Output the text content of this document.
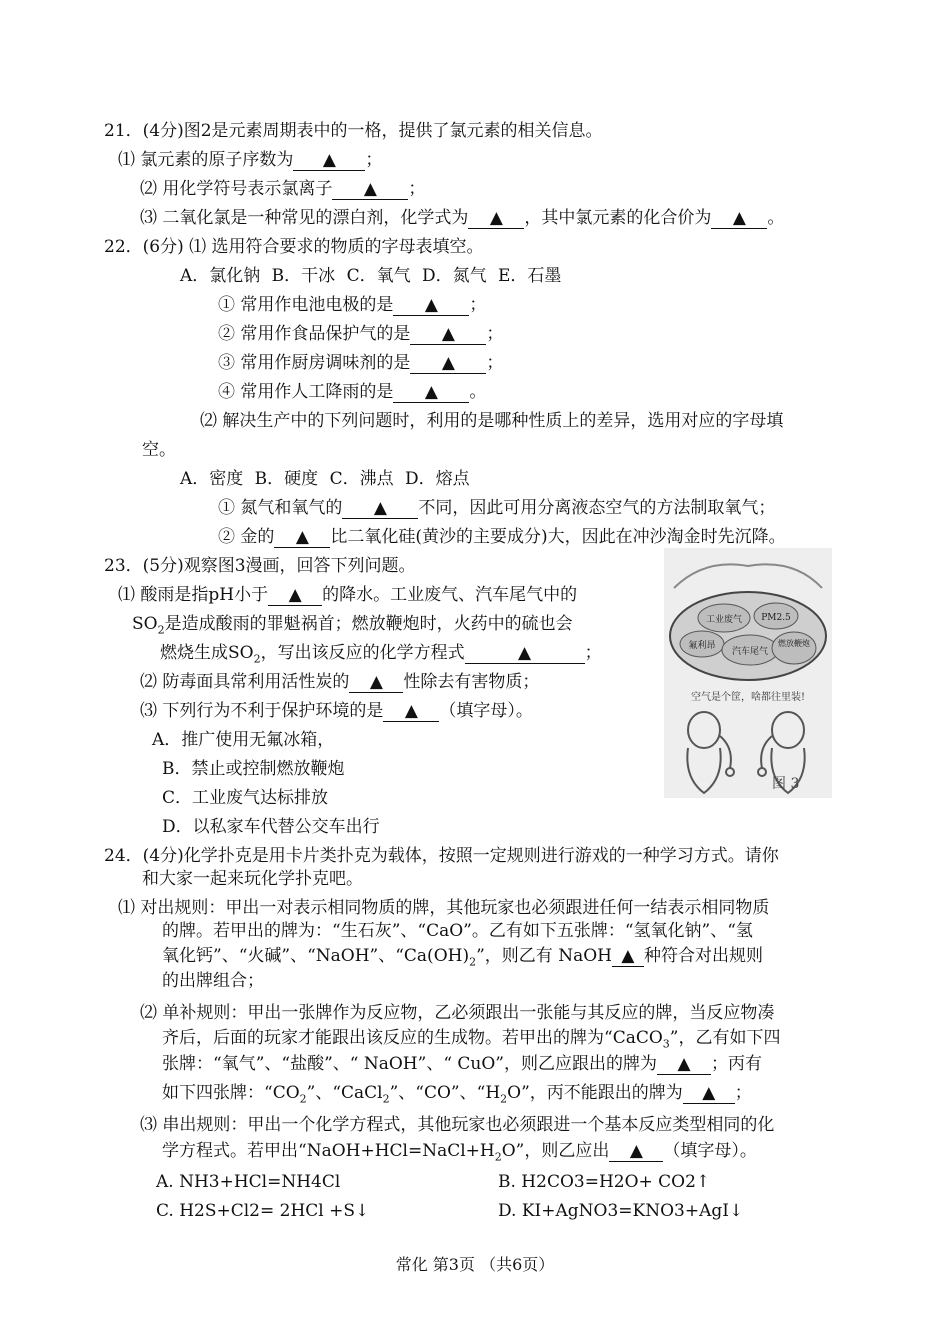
21．(4分)图2是元素周期表中的一格，提供了氯元素的相关信息。
⑴ 氯元素的原子序数为 ▲ ；
⑵ 用化学符号表示氯离子 ▲ ；
⑶ 二氧化氯是一种常见的漂白剂，化学式为 ▲ ，其中氯元素的化合价为 ▲ 。
22．(6分) ⑴ 选用符合要求的物质的字母表填空。
A．氯化钠 B．干冰 C．氧气 D．氮气 E．石墨
① 常用作电池电极的是 ▲ ；
② 常用作食品保护气的是 ▲ ；
③ 常用作厨房调味剂的是 ▲ ；
④ 常用作人工降雨的是 ▲ 。
⑵ 解决生产中的下列问题时，利用的是哪种性质上的差异，选用对应的字母填
空。
A．密度 B．硬度 C．沸点 D．熔点
① 氮气和氧气的 ▲ 不同，因此可用分离液态空气的方法制取氧气；
② 金的 ▲ 比二氧化硅(黄沙的主要成分)大，因此在冲沙淘金时先沉降。
23．(5分)观察图3漫画，回答下列问题。
⑴ 酸雨是指pH小于 ▲ 的降水。工业废气、汽车尾气中的
$SO_2$是造成酸雨的罪魁祸首；燃放鞭炮时，火药中的硫也会
燃烧生成$SO_2$，写出该反应的化学方程式	▲	；
⑵ 防毒面具常利用活性炭的 ▲ 性除去有害物质；
⑶ 下列行为不利于保护环境的是 ▲ （填字母）。
A．推广使用无氟冰箱，
B．禁止或控制燃放鞭炮
C．工业废气达标排放
D．以私家车代替公交车出行
工业废气 PM2.5
氟利昂
汽车尾气
燃放鞭炮
空气是个筐，啥都往里装!
图 3
24．(4分)化学扑克是用卡片类扑克为载体，按照一定规则进行游戏的一种学习方式。请你
和大家一起来玩化学扑克吧。
⑴ 对出规则：甲出一对表示相同物质的牌，其他玩家也必须跟进任何一结表示相同物质
的牌。若甲出的牌为：“生石灰”、“CaO”。乙有如下五张牌：“氢氧化钠”、“氢
氧化钙”、“火碱”、“NaOH”、“$Ca(OH)_2$”，则乙有 NaOH ▲ 种符合对出规则
的出牌组合；
⑵ 单补规则：甲出一张牌作为反应物，乙必须跟出一张能与其反应的牌，当反应物凑
齐后，后面的玩家才能跟出该反应的生成物。若甲出的牌为“CaCO$_3$”，乙有如下四
张牌：“氧气”、“盐酸”、“ NaOH”、“ CuO”，则乙应跟出的牌为 ▲ ；丙有
如下四张牌：“$CO_2$”、“CaCl$_2$”、“CO”、“$H_2O$”，丙不能跟出的牌为 ▲ ；
⑶ 串出规则：甲出一个化学方程式，其他玩家也必须跟进一个基本反应类型相同的化
学方程式。若甲出“$NaOH+HCl=NaCl+H_2O$”，则乙应出 ▲ （填字母）。
A. NH3+HCl=NH4Cl	B. H2CO3=H2O+ CO2↑
C. H2S+Cl2= 2HCl +S↓	D. KI+AgNO3=KNO3+AgI↓
常化 第3页 （共6页）
